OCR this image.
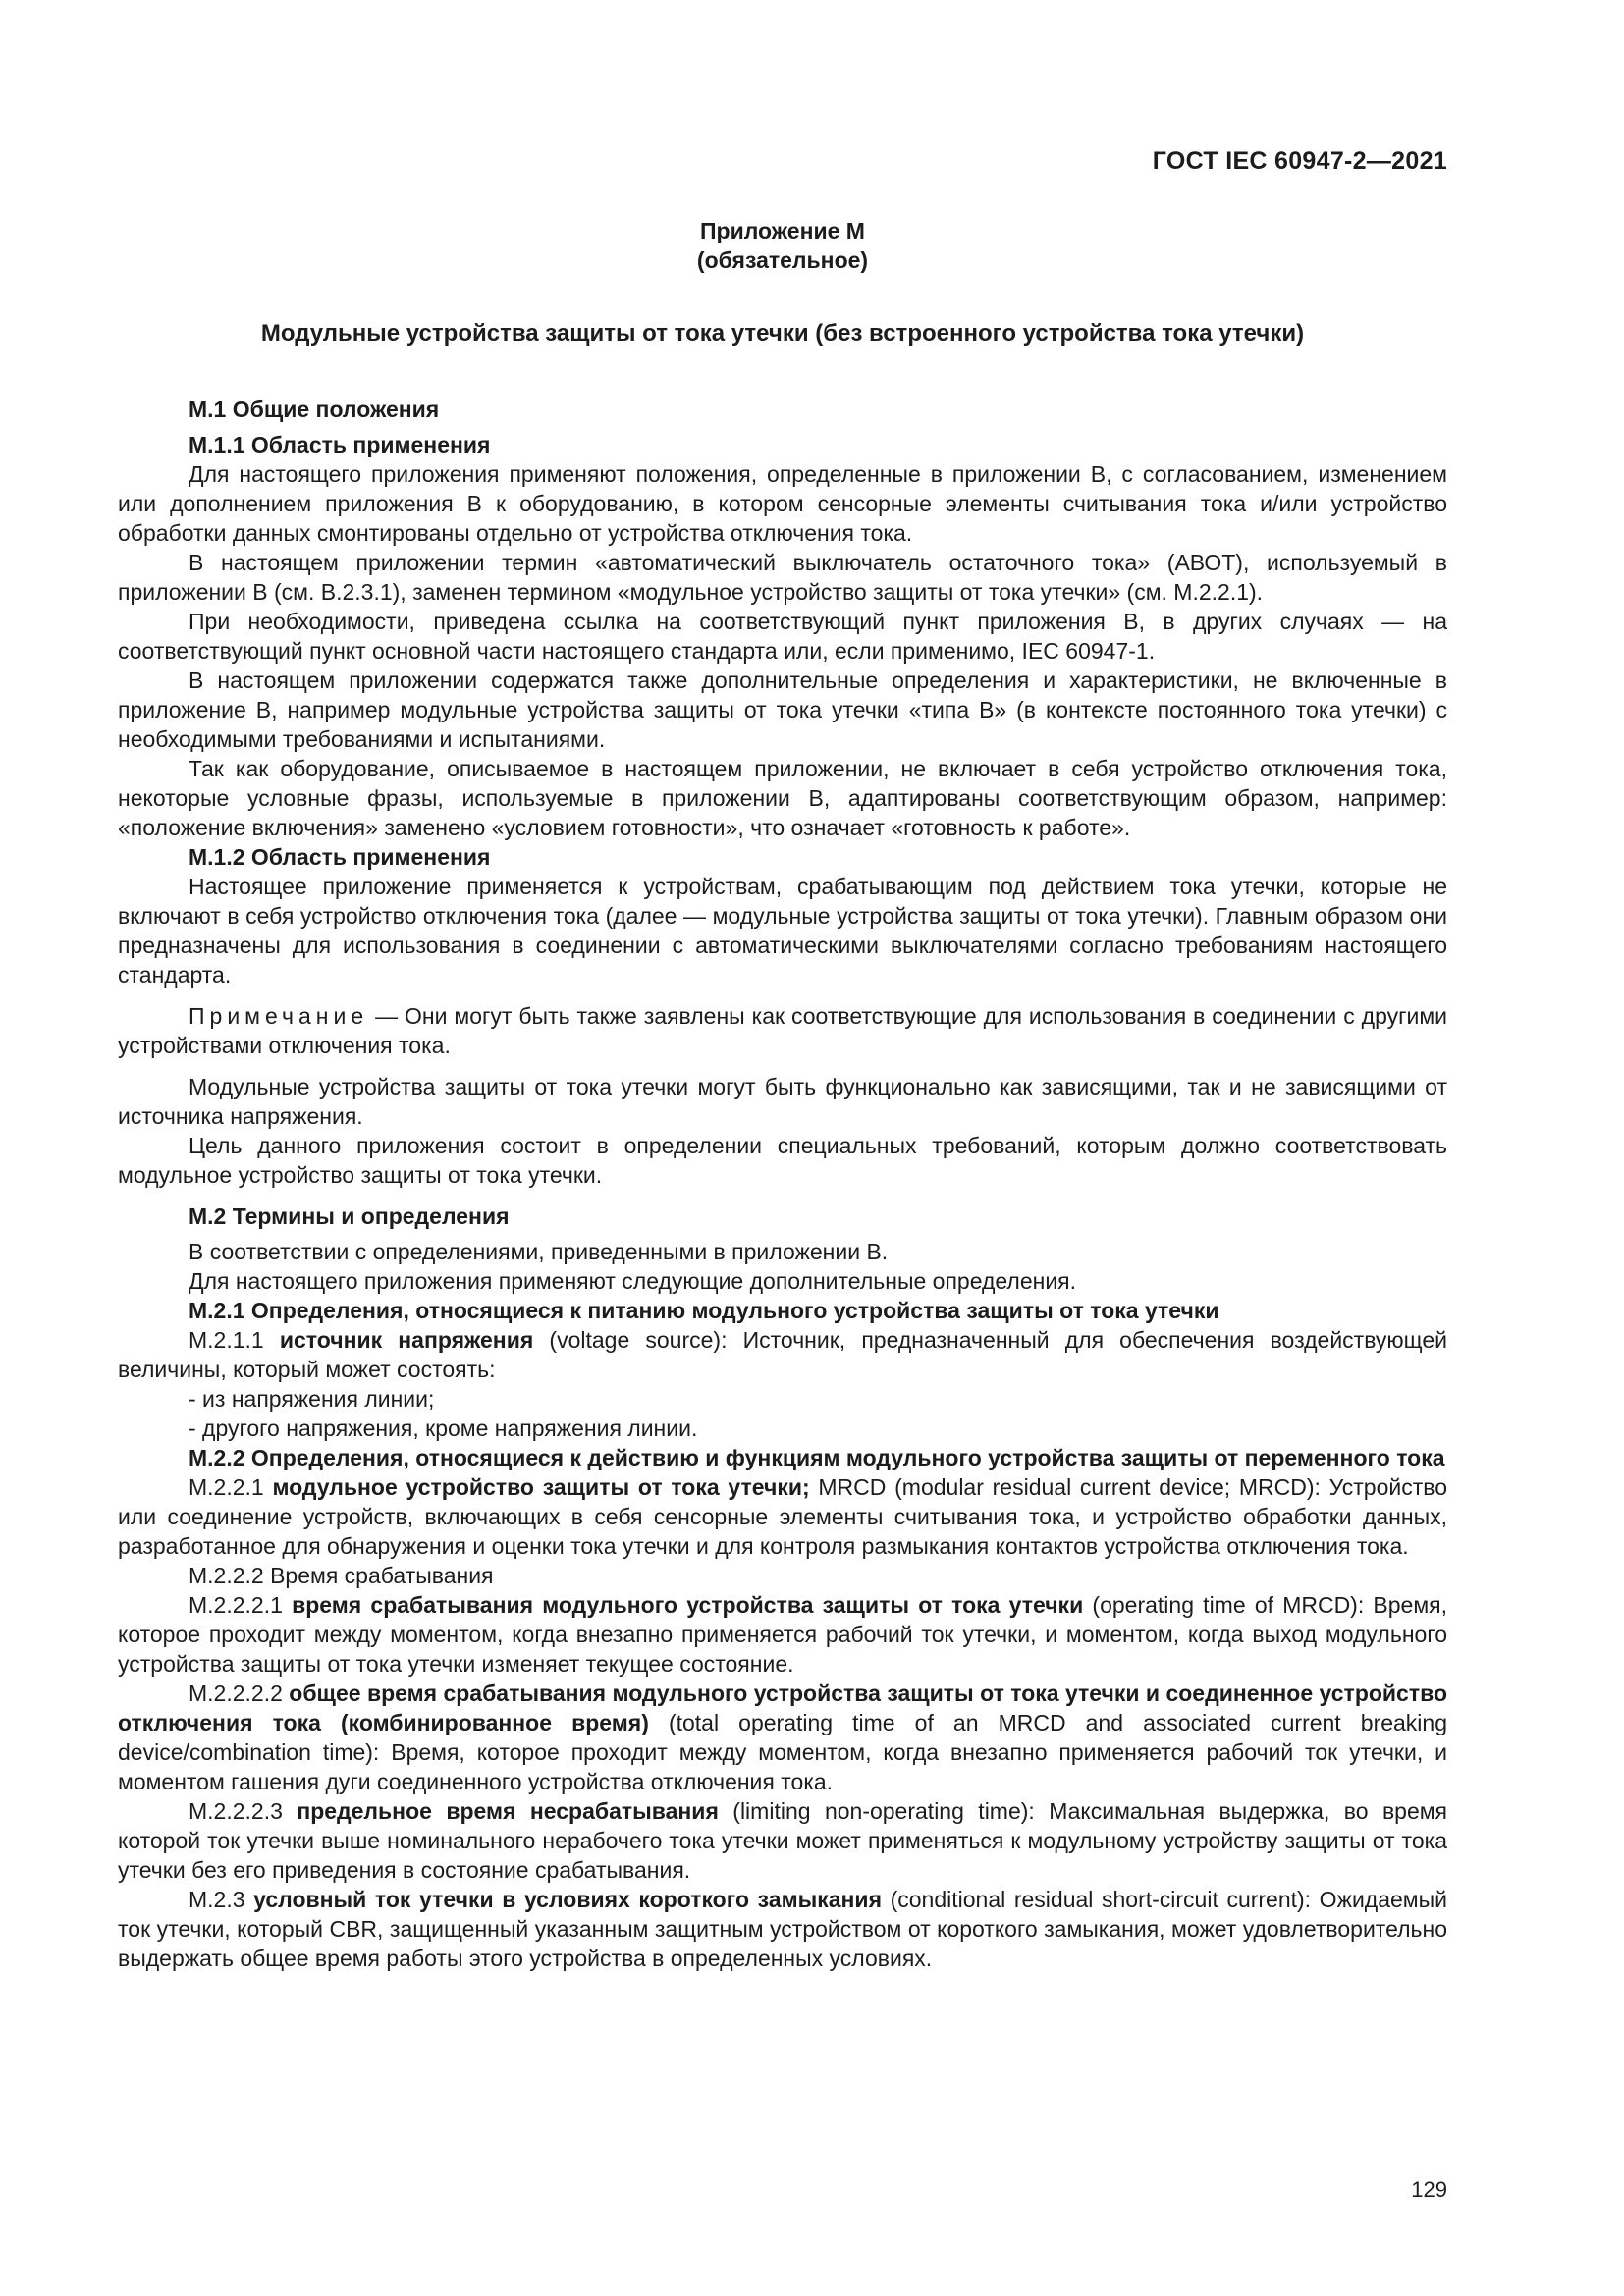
ГОСТ IEC 60947-2—2021
Приложение М
(обязательное)
Модульные устройства защиты от тока утечки (без встроенного устройства тока утечки)

М.1 Общие положения

М.1.1 Область применения

Для настоящего приложения применяют положения, определенные в приложении В, с согласованием, изменением или дополнением приложения В к оборудованию, в котором сенсорные элементы считывания тока и/или устройство обработки данных смонтированы отдельно от устройства отключения тока.

В настоящем приложении термин «автоматический выключатель остаточного тока» (АВОТ), используемый в приложении В (см. В.2.3.1), заменен термином «модульное устройство защиты от тока утечки» (см. М.2.2.1).

При необходимости, приведена ссылка на соответствующий пункт приложения В, в других случаях — на соответствующий пункт основной части настоящего стандарта или, если применимо, IEC 60947-1.

В настоящем приложении содержатся также дополнительные определения и характеристики, не включенные в приложение В, например модульные устройства защиты от тока утечки «типа В» (в контексте постоянного тока утечки) с необходимыми требованиями и испытаниями.

Так как оборудование, описываемое в настоящем приложении, не включает в себя устройство отключения тока, некоторые условные фразы, используемые в приложении В, адаптированы соответствующим образом, например: «положение включения» заменено «условием готовности», что означает «готовность к работе».

М.1.2 Область применения

Настоящее приложение применяется к устройствам, срабатывающим под действием тока утечки, которые не включают в себя устройство отключения тока (далее — модульные устройства защиты от тока утечки). Главным образом они предназначены для использования в соединении с автоматическими выключателями согласно требованиям настоящего стандарта.

Примечание — Они могут быть также заявлены как соответствующие для использования в соединении с другими устройствами отключения тока.

Модульные устройства защиты от тока утечки могут быть функционально как зависящими, так и не зависящими от источника напряжения.

Цель данного приложения состоит в определении специальных требований, которым должно соответствовать модульное устройство защиты от тока утечки.

М.2 Термины и определения

В соответствии с определениями, приведенными в приложении В.

Для настоящего приложения применяют следующие дополнительные определения.

М.2.1 Определения, относящиеся к питанию модульного устройства защиты от тока утечки

М.2.1.1 источник напряжения (voltage source): Источник, предназначенный для обеспечения воздействующей величины, который может состоять:

- из напряжения линии;

- другого напряжения, кроме напряжения линии.

М.2.2 Определения, относящиеся к действию и функциям модульного устройства защиты от переменного тока

М.2.2.1 модульное устройство защиты от тока утечки; MRCD (modular residual current device; MRCD): Устройство или соединение устройств, включающих в себя сенсорные элементы считывания тока, и устройство обработки данных, разработанное для обнаружения и оценки тока утечки и для контроля размыкания контактов устройства отключения тока.

М.2.2.2 Время срабатывания

М.2.2.2.1 время срабатывания модульного устройства защиты от тока утечки (operating time of MRCD): Время, которое проходит между моментом, когда внезапно применяется рабочий ток утечки, и моментом, когда выход модульного устройства защиты от тока утечки изменяет текущее состояние.

М.2.2.2.2 общее время срабатывания модульного устройства защиты от тока утечки и соединенное устройство отключения тока (комбинированное время) (total operating time of an MRCD and associated current breaking device/combination time): Время, которое проходит между моментом, когда внезапно применяется рабочий ток утечки, и моментом гашения дуги соединенного устройства отключения тока.

М.2.2.2.3 предельное время несрабатывания (limiting non-operating time): Максимальная выдержка, во время которой ток утечки выше номинального нерабочего тока утечки может применяться к модульному устройству защиты от тока утечки без его приведения в состояние срабатывания.

М.2.3 условный ток утечки в условиях короткого замыкания (conditional residual short-circuit current): Ожидаемый ток утечки, который CBR, защищенный указанным защитным устройством от короткого замыкания, может удовлетворительно выдержать общее время работы этого устройства в определенных условиях.

129
